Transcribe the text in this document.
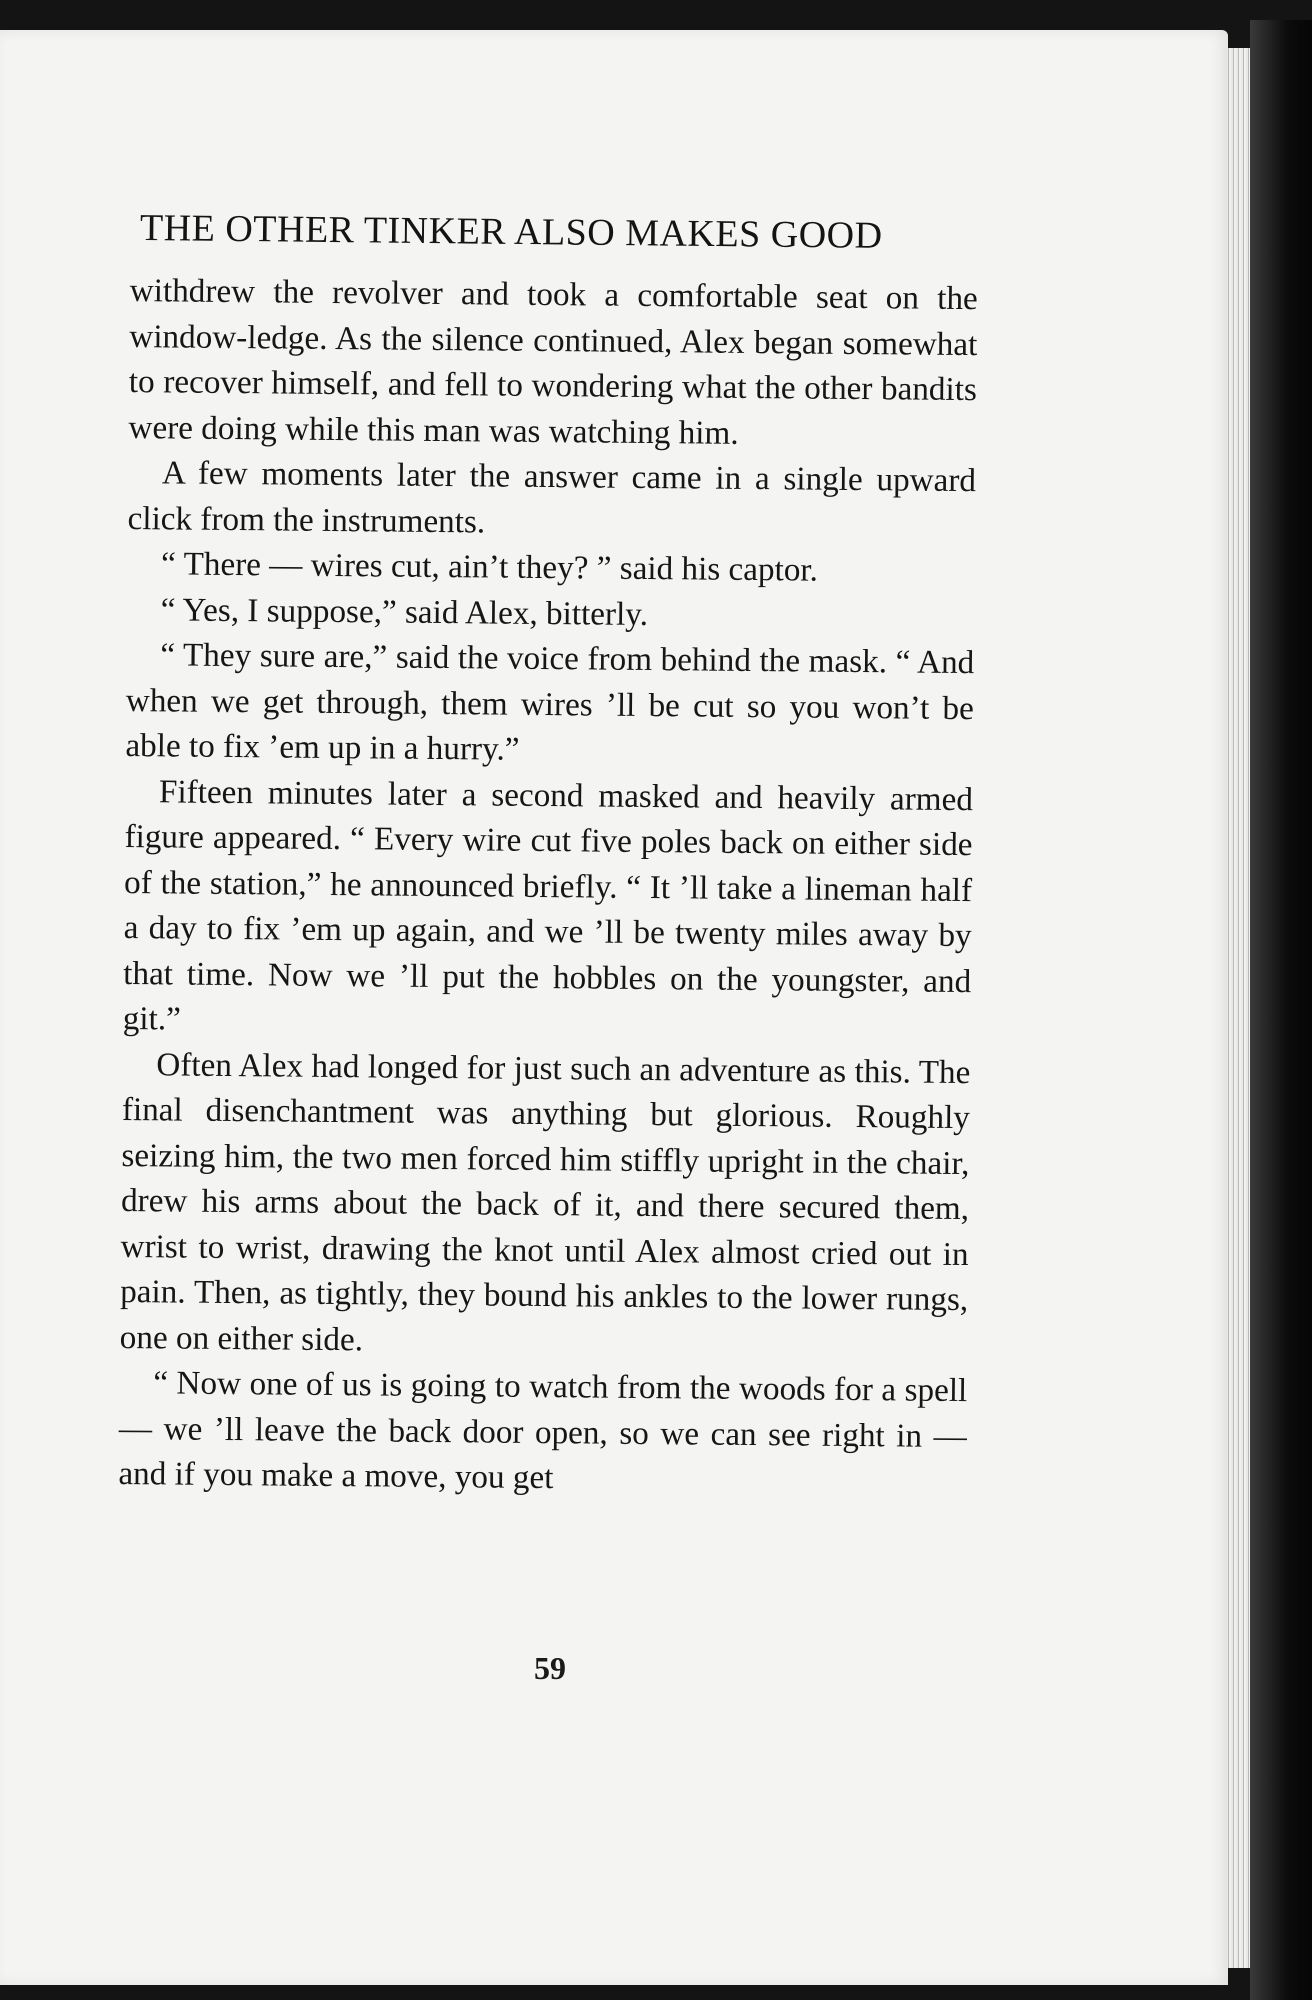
THE OTHER TINKER ALSO MAKES GOOD

withdrew the revolver and took a comfortable seat on the window-ledge. As the silence continued, Alex began somewhat to recover himself, and fell to wondering what the other bandits were doing while this man was watching him.

A few moments later the answer came in a single upward click from the instruments.

“ There — wires cut, ain’t they? ” said his captor.

“ Yes, I suppose,” said Alex, bitterly.

“ They sure are,” said the voice from behind the mask. “ And when we get through, them wires ’ll be cut so you won’t be able to fix ’em up in a hurry.”

Fifteen minutes later a second masked and heavily armed figure appeared. “ Every wire cut five poles back on either side of the station,” he announced briefly. “ It ’ll take a lineman half a day to fix ’em up again, and we ’ll be twenty miles away by that time. Now we ’ll put the hobbles on the youngster, and git.”

Often Alex had longed for just such an adventure as this. The final disenchantment was anything but glorious. Roughly seizing him, the two men forced him stiffly upright in the chair, drew his arms about the back of it, and there secured them, wrist to wrist, drawing the knot until Alex almost cried out in pain. Then, as tightly, they bound his ankles to the lower rungs, one on either side.

“ Now one of us is going to watch from the woods for a spell — we ’ll leave the back door open, so we can see right in — and if you make a move, you get

59
